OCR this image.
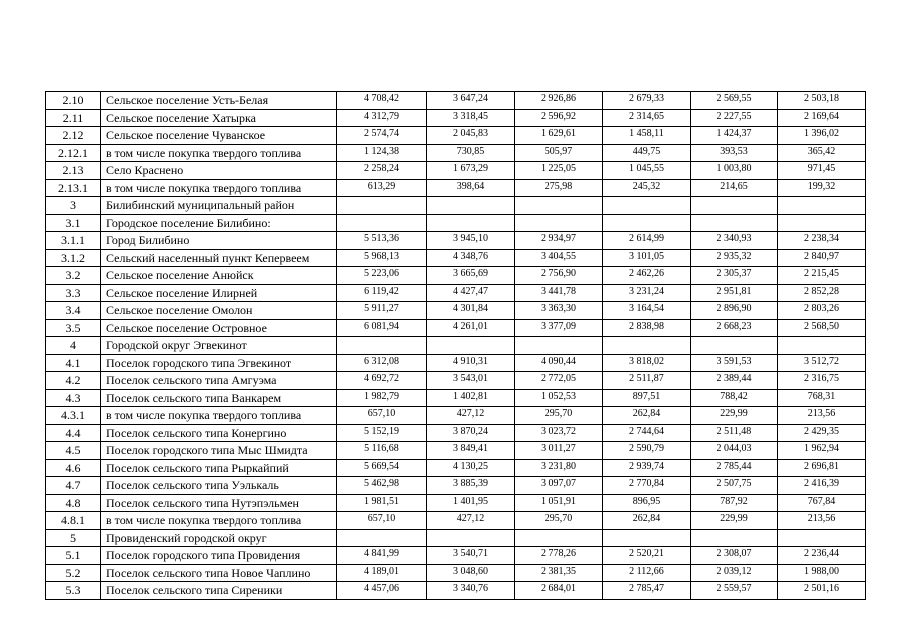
2.10	Сельское поселение Усть-Белая	4 708,42	3 647,24	2 926,86	2 679,33	2 569,55	2 503,18
2.11	Сельское поселение Хатырка	4 312,79	3 318,45	2 596,92	2 314,65	2 227,55	2 169,64
2.12	Сельское поселение Чуванское	2 574,74	2 045,83	1 629,61	1 458,11	1 424,37	1 396,02
2.12.1	в том числе покупка твердого топлива	1 124,38	730,85	505,97	449,75	393,53	365,42
2.13	Село Краснено	2 258,24	1 673,29	1 225,05	1 045,55	1 003,80	971,45
2.13.1	в том числе покупка твердого топлива	613,29	398,64	275,98	245,32	214,65	199,32
3	Билибинский муниципальный район						
3.1	Городское поселение Билибино:						
3.1.1	Город Билибино	5 513,36	3 945,10	2 934,97	2 614,99	2 340,93	2 238,34
3.1.2	Сельский населенный пункт Кепервеем	5 968,13	4 348,76	3 404,55	3 101,05	2 935,32	2 840,97
3.2	Сельское поселение Анюйск	5 223,06	3 665,69	2 756,90	2 462,26	2 305,37	2 215,45
3.3	Сельское поселение Илирней	6 119,42	4 427,47	3 441,78	3 231,24	2 951,81	2 852,28
3.4	Сельское поселение Омолон	5 911,27	4 301,84	3 363,30	3 164,54	2 896,90	2 803,26
3.5	Сельское поселение Островное	6 081,94	4 261,01	3 377,09	2 838,98	2 668,23	2 568,50
4	Городской округ Эгвекинот						
4.1	Поселок городского типа Эгвекинот	6 312,08	4 910,31	4 090,44	3 818,02	3 591,53	3 512,72
4.2	Поселок сельского типа Амгуэма	4 692,72	3 543,01	2 772,05	2 511,87	2 389,44	2 316,75
4.3	Поселок сельского типа Ванкарем	1 982,79	1 402,81	1 052,53	897,51	788,42	768,31
4.3.1	в том числе покупка твердого топлива	657,10	427,12	295,70	262,84	229,99	213,56
4.4	Поселок сельского типа Конергино	5 152,19	3 870,24	3 023,72	2 744,64	2 511,48	2 429,35
4.5	Поселок городского типа Мыс Шмидта	5 116,68	3 849,41	3 011,27	2 590,79	2 044,03	1 962,94
4.6	Поселок сельского типа Рыркайпий	5 669,54	4 130,25	3 231,80	2 939,74	2 785,44	2 696,81
4.7	Поселок сельского типа Уэлькаль	5 462,98	3 885,39	3 097,07	2 770,84	2 507,75	2 416,39
4.8	Поселок сельского типа Нутэпэльмен	1 981,51	1 401,95	1 051,91	896,95	787,92	767,84
4.8.1	в том числе покупка твердого топлива	657,10	427,12	295,70	262,84	229,99	213,56
5	Провиденский городской округ						
5.1	Поселок городского типа Провидения	4 841,99	3 540,71	2 778,26	2 520,21	2 308,07	2 236,44
5.2	Поселок сельского типа Новое Чаплино	4 189,01	3 048,60	2 381,35	2 112,66	2 039,12	1 988,00
5.3	Поселок сельского типа Сиреники	4 457,06	3 340,76	2 684,01	2 785,47	2 559,57	2 501,16
